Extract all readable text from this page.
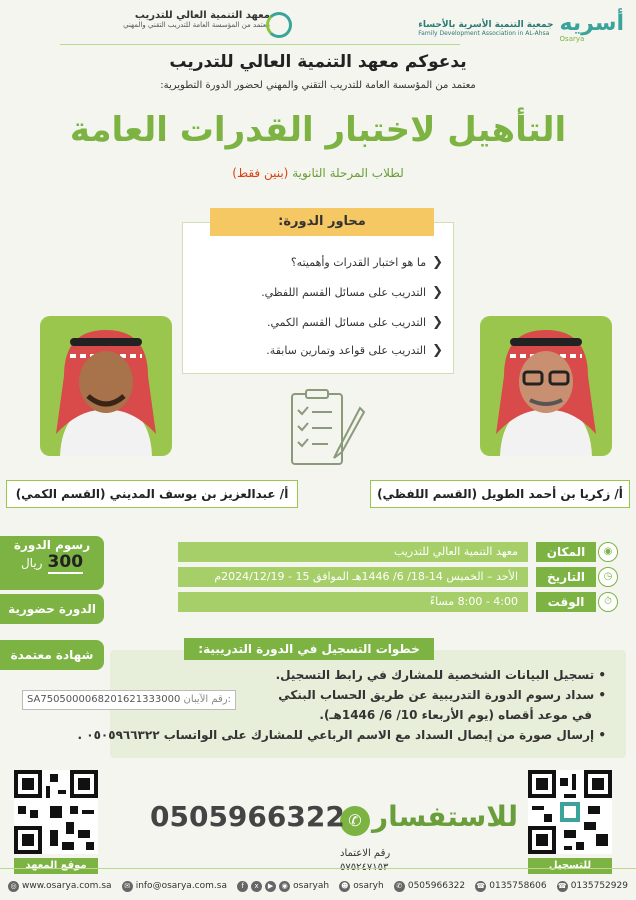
أسريه
Osarya
جمعية التنمية الأسرية بالأحساء
Family Development Association in AL-Ahsa
معهد التنمية العالي للتدريب
معتمد من المؤسسة العامة للتدريب التقني والمهني
يدعوكم معهد التنمية العالي للتدريب
معتمد من المؤسسة العامة للتدريب التقني والمهني لحضور الدورة التطويرية:
التأهيل لاختبار القدرات العامة
لطلاب المرحلة الثانوية (بنين فقط)
❮
ما هو اختبار القدرات وأهميته؟
❮
التدريب على مسائل القسم اللفظي.
❮
التدريب على مسائل القسم الكمي.
❮
التدريب على قواعد وتمارين سابقة.
محاور الدورة:
أ/ عبدالعزيز بن يوسف المديني (القسم الكمي)	أ/ زكريا بن أحمد الطويل (القسم اللفظي)
◉
المكان
معهد التنمية العالي للتدريب
◷
التاريخ
الأحد – الخميس 14-18/ 6/ 1446هـ الموافق 15 - 2024/12/19م
⏱
الوقت
4:00 - 8:00 مساءً
رسوم الدورة
300 ريال
الدورة حضورية
شهادة معتمدة	خطوات التسجيل في الدورة التدريبية:
• تسجيل البيانات الشخصية للمشارك في رابط التسجيل.
• سداد رسوم الدورة التدريبية عن طريق الحساب البنكي
في موعد أقصاه (يوم الأربعاء 10/ 6/ 1446هـ).
• إرسال صورة من إيصال السداد مع الاسم الرباعي للمشارك على الواتساب ٠٥٠٥٩٦٦٣٢٢ .
SA7505000068201621333000 رقم الآيبان:
موقع المعهد	للتسجيل
للاستفسار
✆
0505966322
رقم الاعتماد
٥٧٥٢٤٧١٥٣
◎ www.osarya.com.sa	✉ info@osarya.com.sa	f	x	▶	◉ osaryah ☻ osaryh	✆ 0505966322 ☎ 0135758606 ☎ 0135752929
